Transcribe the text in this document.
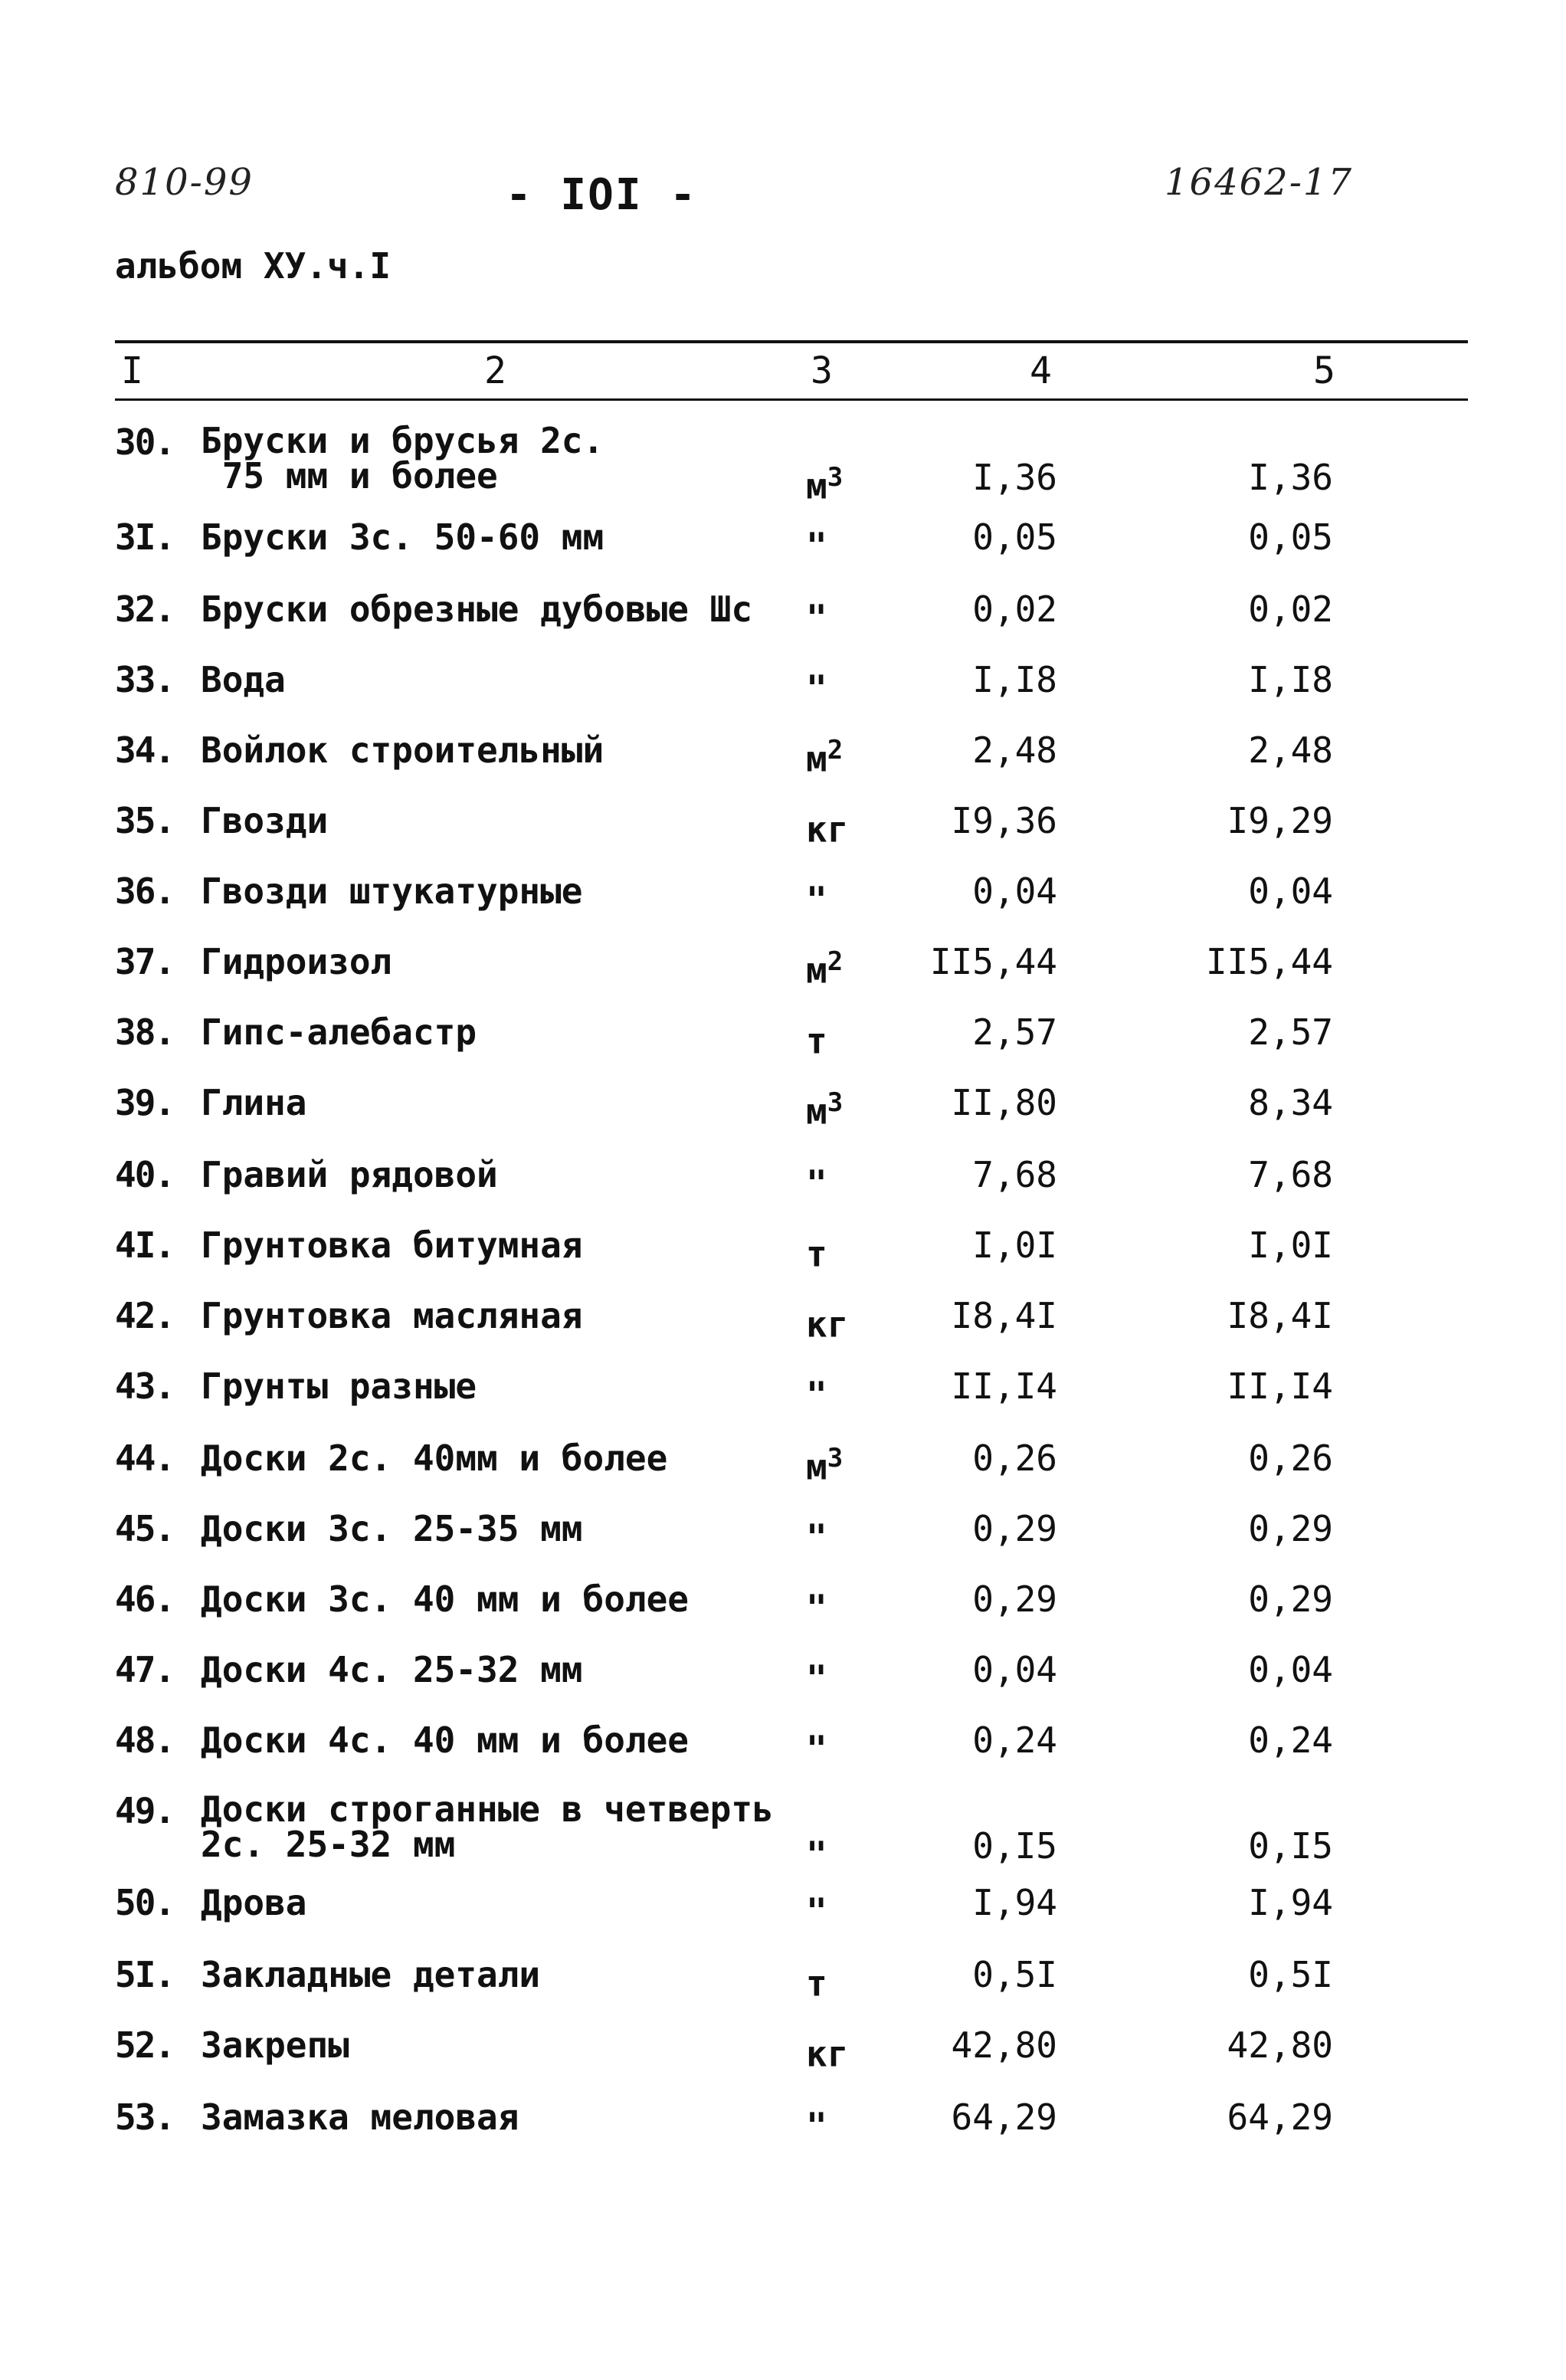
810-99	- IOI -	16462-17
альбом XУ.ч.I
I	2	3	4	5
30. Бруски и брусья 2с.
75 мм и более	$м^3$	I,36	I,36
3I. Бруски 3с. 50-60 мм	"	0,05	0,05
32. Бруски обрезные дубовые Шс "	0,02	0,02
33. Вода	"	I,I8	I,I8
34. Войлок строительный	$м^2$	2,48	2,48
35. Гвозди	кг	I9,36	I9,29
36. Гвозди штукатурные	"	0,04	0,04
37. Гидроизол	$м^2$	II5,44	II5,44
38. Гипс-алебастр	т	2,57	2,57
39. Глина	$м^3$	II,80	8,34
40. Гравий рядовой	"	7,68	7,68
4I. Грунтовка битумная	т	I,0I	I,0I
42. Грунтовка масляная	кг	I8,4I	I8,4I
43. Грунты разные	"	II,I4	II,I4
44. Доски 2с. 40мм и более	$м^3$	0,26	0,26
45. Доски 3с. 25-35 мм	"	0,29	0,29
46. Доски 3с. 40 мм и более	"	0,29	0,29
47. Доски 4с. 25-32 мм	"	0,04	0,04
48. Доски 4с. 40 мм и более	"	0,24	0,24
49. Доски строганные в четверть
2с. 25-32 мм	"	0,I5	0,I5
50. Дрова	"	I,94	I,94
5I. Закладные детали	т	0,5I	0,5I
52. Закрепы	кг	42,80	42,80
53. Замазка меловая	"	64,29	64,29
